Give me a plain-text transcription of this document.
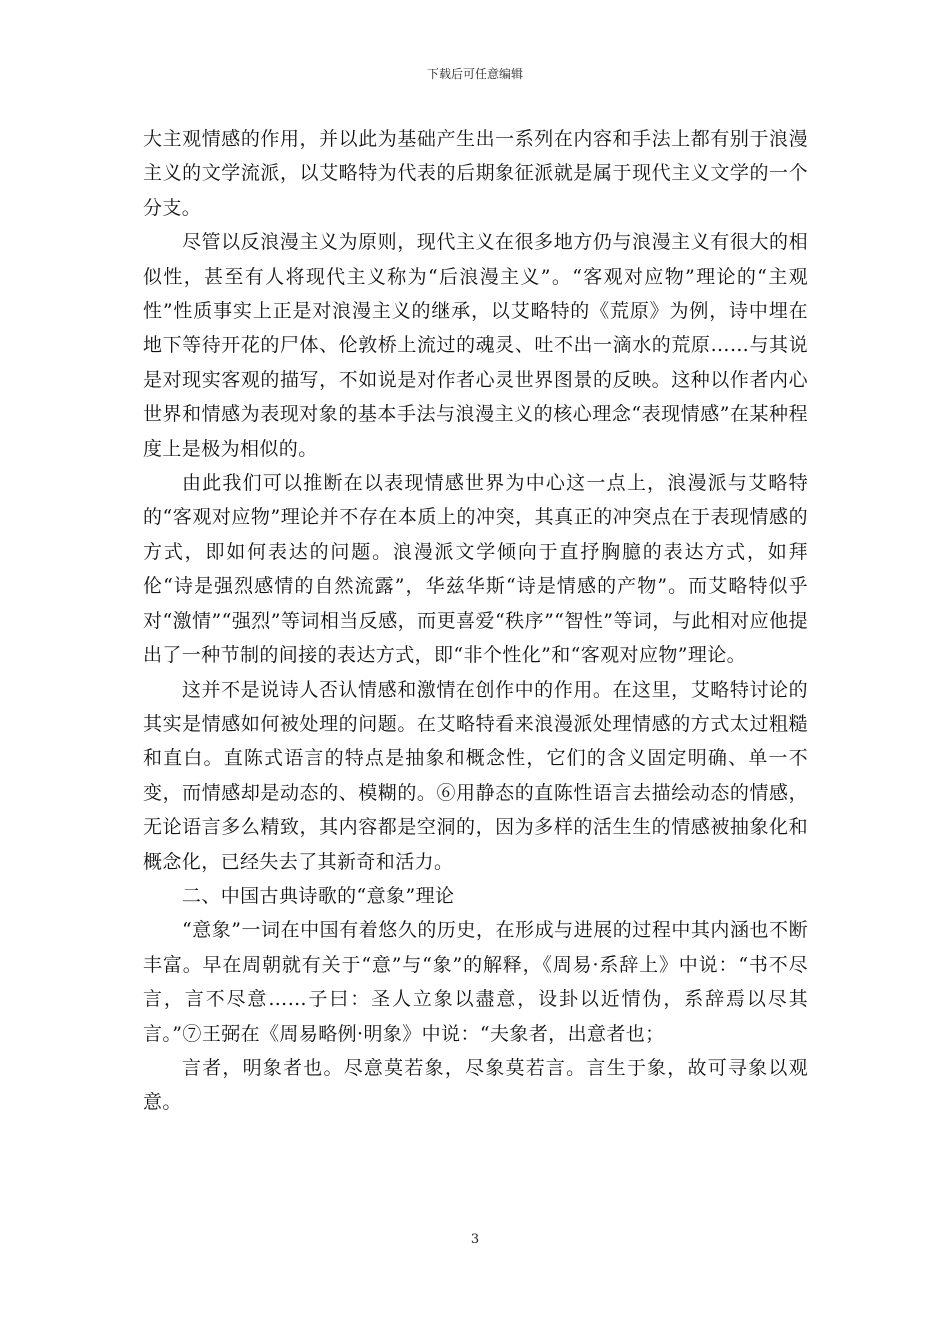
下载后可任意编辑

大主观情感的作用，并以此为基础产生出一系列在内容和手法上都有别于浪漫主义的文学流派，以艾略特为代表的后期象征派就是属于现代主义文学的一个分支。

尽管以反浪漫主义为原则，现代主义在很多地方仍与浪漫主义有很大的相似性，甚至有人将现代主义称为“后浪漫主义”。“客观对应物”理论的“主观性”性质事实上正是对浪漫主义的继承，以艾略特的《荒原》为例，诗中埋在地下等待开花的尸体、伦敦桥上流过的魂灵、吐不出一滴水的荒原……与其说是对现实客观的描写，不如说是对作者心灵世界图景的反映。这种以作者内心世界和情感为表现对象的基本手法与浪漫主义的核心理念“表现情感”在某种程度上是极为相似的。

由此我们可以推断在以表现情感世界为中心这一点上，浪漫派与艾略特的“客观对应物”理论并不存在本质上的冲突，其真正的冲突点在于表现情感的方式，即如何表达的问题。浪漫派文学倾向于直抒胸臆的表达方式，如拜伦“诗是强烈感情的自然流露”，华兹华斯“诗是情感的产物”。而艾略特似乎对“激情”“强烈”等词相当反感，而更喜爱“秩序”“智性”等词，与此相对应他提出了一种节制的间接的表达方式，即“非个性化”和“客观对应物”理论。

这并不是说诗人否认情感和激情在创作中的作用。在这里，艾略特讨论的其实是情感如何被处理的问题。在艾略特看来浪漫派处理情感的方式太过粗糙和直白。直陈式语言的特点是抽象和概念性，它们的含义固定明确、单一不变，而情感却是动态的、模糊的。⑥用静态的直陈性语言去描绘动态的情感，无论语言多么精致，其内容都是空洞的，因为多样的活生生的情感被抽象化和概念化，已经失去了其新奇和活力。

二、中国古典诗歌的“意象”理论

“意象”一词在中国有着悠久的历史，在形成与进展的过程中其内涵也不断丰富。早在周朝就有关于“意”与“象”的解释，《周易·系辞上》中说：“书不尽言，言不尽意……子曰：圣人立象以盡意，设卦以近情伪，系辞焉以尽其言。”⑦王弼在《周易略例·明象》中说：“夫象者，出意者也；

言者，明象者也。尽意莫若象，尽象莫若言。言生于象，故可寻象以观意。

3
